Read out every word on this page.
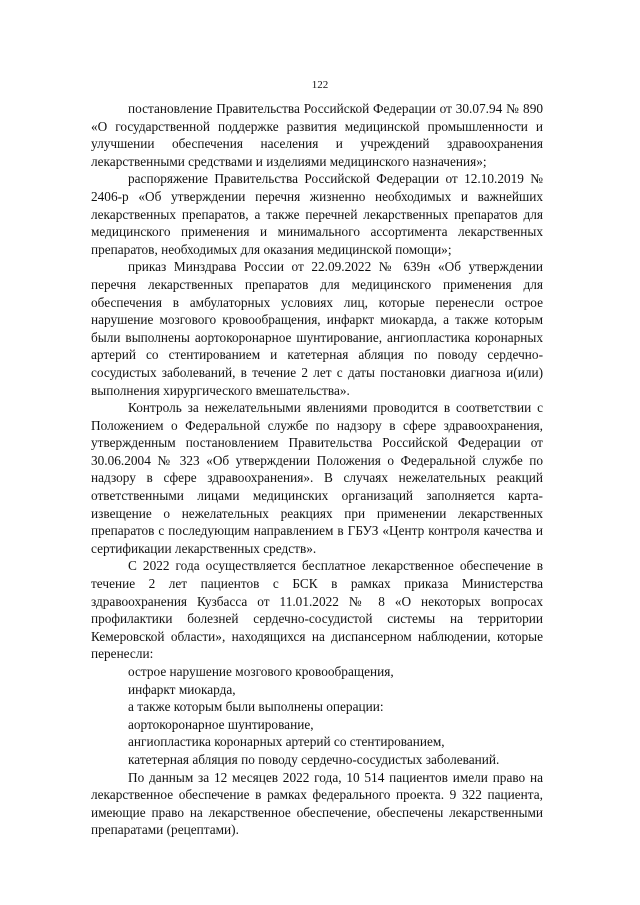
122

постановление Правительства Российской Федерации от 30.07.94 № 890 «О государственной поддержке развития медицинской промышленности и улучшении обеспечения населения и учреждений здравоохранения лекарственными средствами и изделиями медицинского назначения»;

распоряжение Правительства Российской Федерации от 12.10.2019 № 2406-р «Об утверждении перечня жизненно необходимых и важнейших лекарственных препаратов, а также перечней лекарственных препаратов для медицинского применения и минимального ассортимента лекарственных препаратов, необходимых для оказания медицинской помощи»;

приказ Минздрава России от 22.09.2022 № 639н «Об утверждении перечня лекарственных препаратов для медицинского применения для обеспечения в амбулаторных условиях лиц, которые перенесли острое нарушение мозгового кровообращения, инфаркт миокарда, а также которым были выполнены аортокоронарное шунтирование, ангиопластика коронарных артерий со стентированием и катетерная абляция по поводу сердечно-сосудистых заболеваний, в течение 2 лет с даты постановки диагноза и(или) выполнения хирургического вмешательства».

Контроль за нежелательными явлениями проводится в соответствии с Положением о Федеральной службе по надзору в сфере здравоохранения, утвержденным постановлением Правительства Российской Федерации от 30.06.2004 № 323 «Об утверждении Положения о Федеральной службе по надзору в сфере здравоохранения». В случаях нежелательных реакций ответственными лицами медицинских организаций заполняется карта-извещение о нежелательных реакциях при применении лекарственных препаратов с последующим направлением в ГБУЗ «Центр контроля качества и сертификации лекарственных средств».

С 2022 года осуществляется бесплатное лекарственное обеспечение в течение 2 лет пациентов с БСК в рамках приказа Министерства здравоохранения Кузбасса от 11.01.2022 № 8 «О некоторых вопросах профилактики болезней сердечно-сосудистой системы на территории Кемеровской области», находящихся на диспансерном наблюдении, которые перенесли:

острое нарушение мозгового кровообращения,

инфаркт миокарда,

а также которым были выполнены операции:

аортокоронарное шунтирование,

ангиопластика коронарных артерий со стентированием,

катетерная абляция по поводу сердечно-сосудистых заболеваний.

По данным за 12 месяцев 2022 года, 10 514 пациентов имели право на лекарственное обеспечение в рамках федерального проекта. 9 322 пациента, имеющие право на лекарственное обеспечение, обеспечены лекарственными препаратами (рецептами).
